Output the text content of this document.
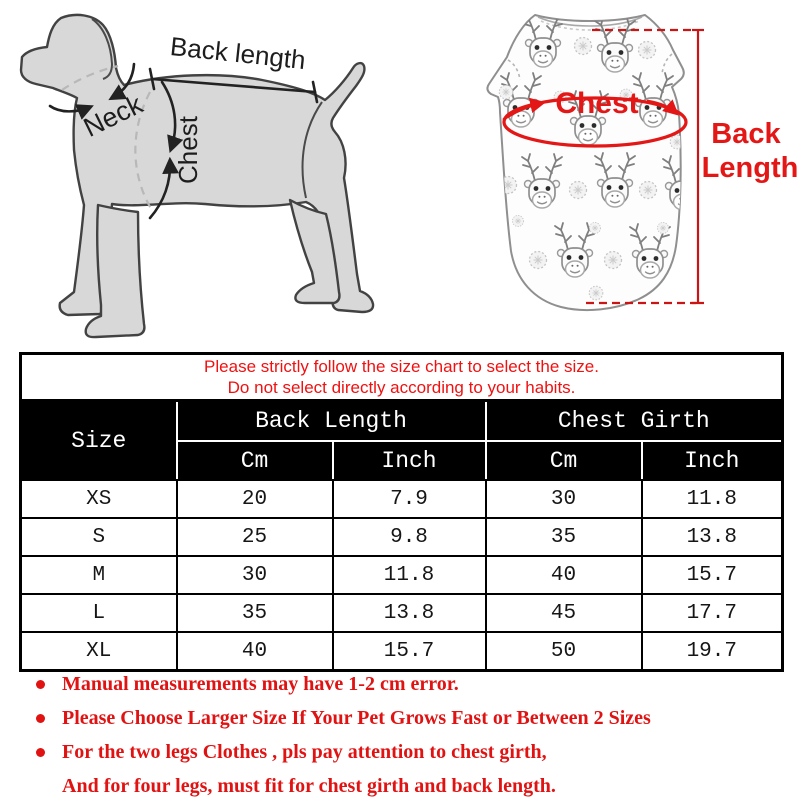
Back length
Neck
Chest
Chest
Back Length
Please strictly follow the size chart to select the size.
Do not select directly according to your habits.				

Size	Back Length		Chest Girth	
	Cm	Inch	Cm	Inch
XS	20	7.9	30	11.8
S	25	9.8	35	13.8
M	30	11.8	40	15.7
L	35	13.8	45	17.7
XL	40	15.7	50	19.7
Manual measurements may have 1-2 cm error.
Please Choose Larger Size If Your Pet Grows Fast or Between 2 Sizes
For the two legs Clothes , pls pay attention to chest girth,
And for four legs, must fit for chest girth and back length.
